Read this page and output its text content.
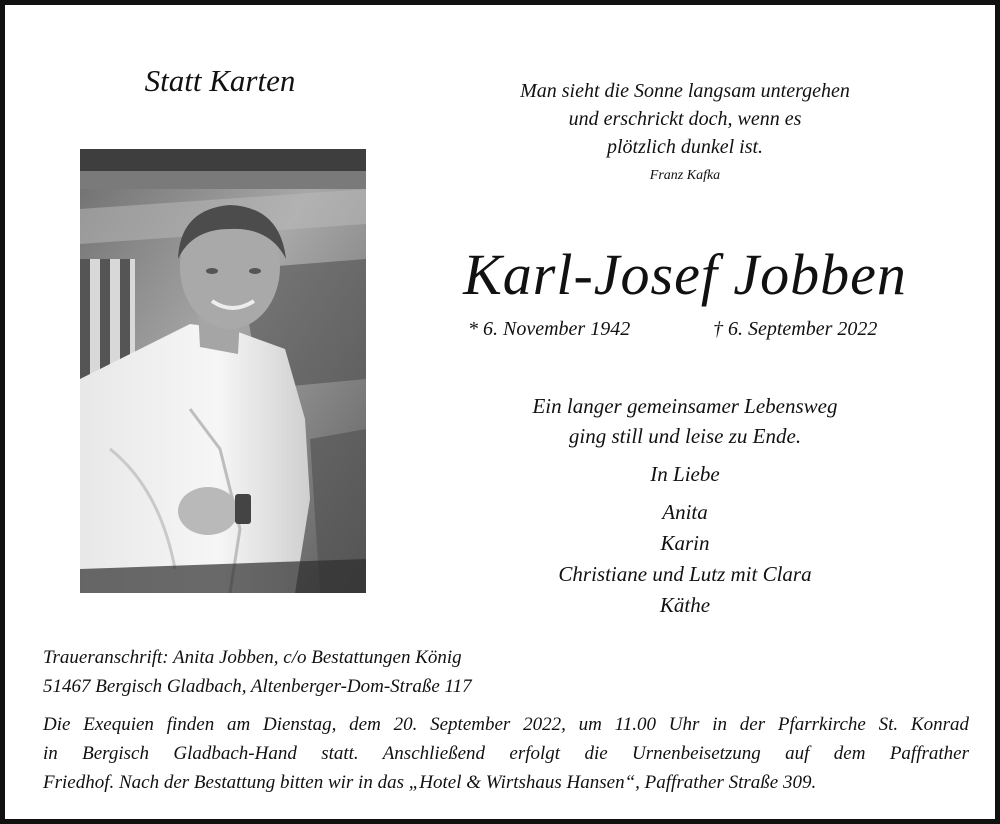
Statt Karten	Man sieht die Sonne langsam untergehen
und erschrickt doch, wenn es
plötzlich dunkel ist.
Franz Kafka
Karl-Josef Jobben
* 6. November 1942	† 6. September 2022
Ein langer gemeinsamer Lebensweg
ging still und leise zu Ende.
In Liebe
Anita
Karin
Christiane und Lutz mit Clara
Käthe
Traueranschrift: Anita Jobben, c/o Bestattungen König
51467 Bergisch Gladbach, Altenberger-Dom-Straße 117
Die Exequien finden am Dienstag, dem 20. September 2022, um 11.00 Uhr in der Pfarrkirche St. Konrad
in Bergisch Gladbach-Hand statt. Anschließend erfolgt die Urnenbeisetzung auf dem Paffrather
Friedhof. Nach der Bestattung bitten wir in das „Hotel & Wirtshaus Hansen“, Paffrather Straße 309.
